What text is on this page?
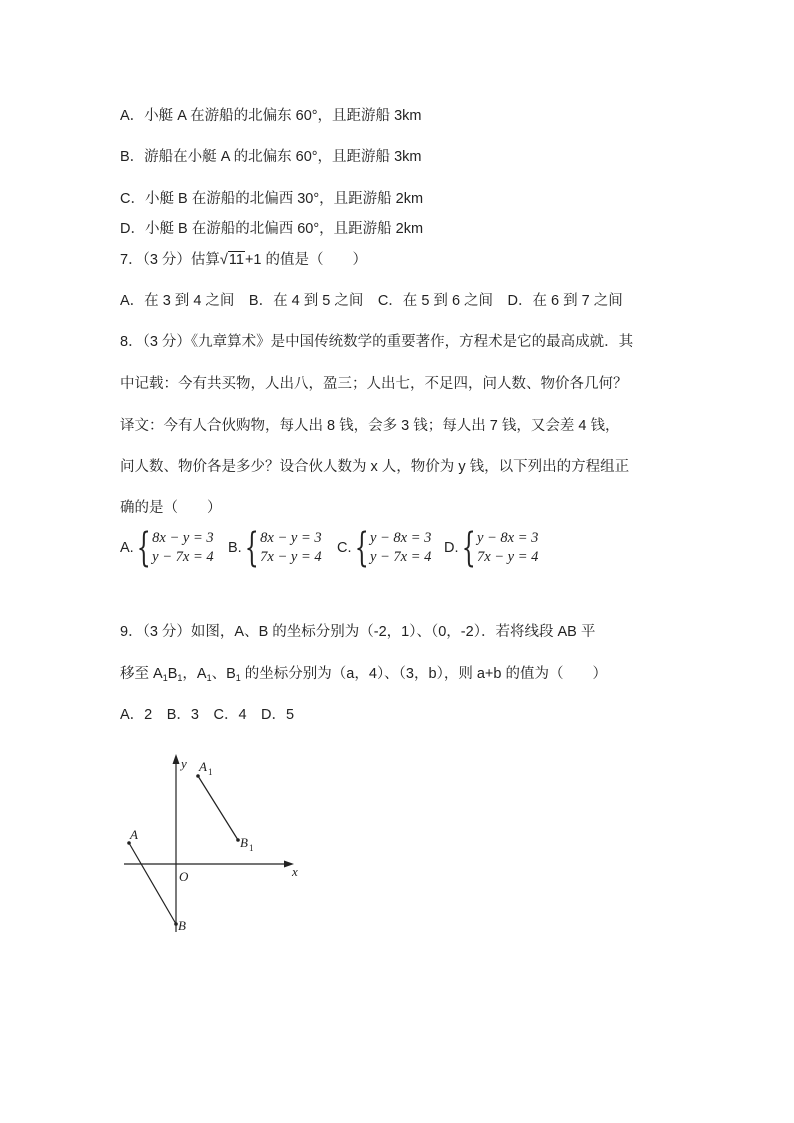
A．小艇 A 在游船的北偏东 60°，且距游船 3km
B．游船在小艇 A 的北偏东 60°，且距游船 3km
C．小艇 B 在游船的北偏西 30°，且距游船 2km
D．小艇 B 在游船的北偏西 60°，且距游船 2km
7．（3 分）估算√11+1 的值是（　　）
A．在 3 到 4 之间　B．在 4 到 5 之间　C．在 5 到 6 之间　D．在 6 到 7 之间
8．（3 分）《九章算术》是中国传统数学的重要著作，方程术是它的最高成就．其
中记载：今有共买物，人出八，盈三；人出七，不足四，问人数、物价各几何？
译文：今有人合伙购物，每人出 8 钱，会多 3 钱；每人出 7 钱，又会差 4 钱，
问人数、物价各是多少？设合伙人数为 x 人，物价为 y 钱，以下列出的方程组正
确的是（　　）
A. { 8x − y = 3
y − 7x = 4
B. { 8x − y = 3
7x − y = 4
C. { y − 8x = 3
y − 7x = 4
D. { y − 8x = 3
7x − y = 4
9．（3 分）如图，A、B 的坐标分别为（-2，1）、（0，-2）．若将线段 AB 平
移至 $A_1B_1$，$A_1$、$B_1$ 的坐标分别为（a，4）、（3，b），则 a+b 的值为（　　）
A．2　B．3　C．4　D．5
y
x
O
A
B
A 1
B 1
